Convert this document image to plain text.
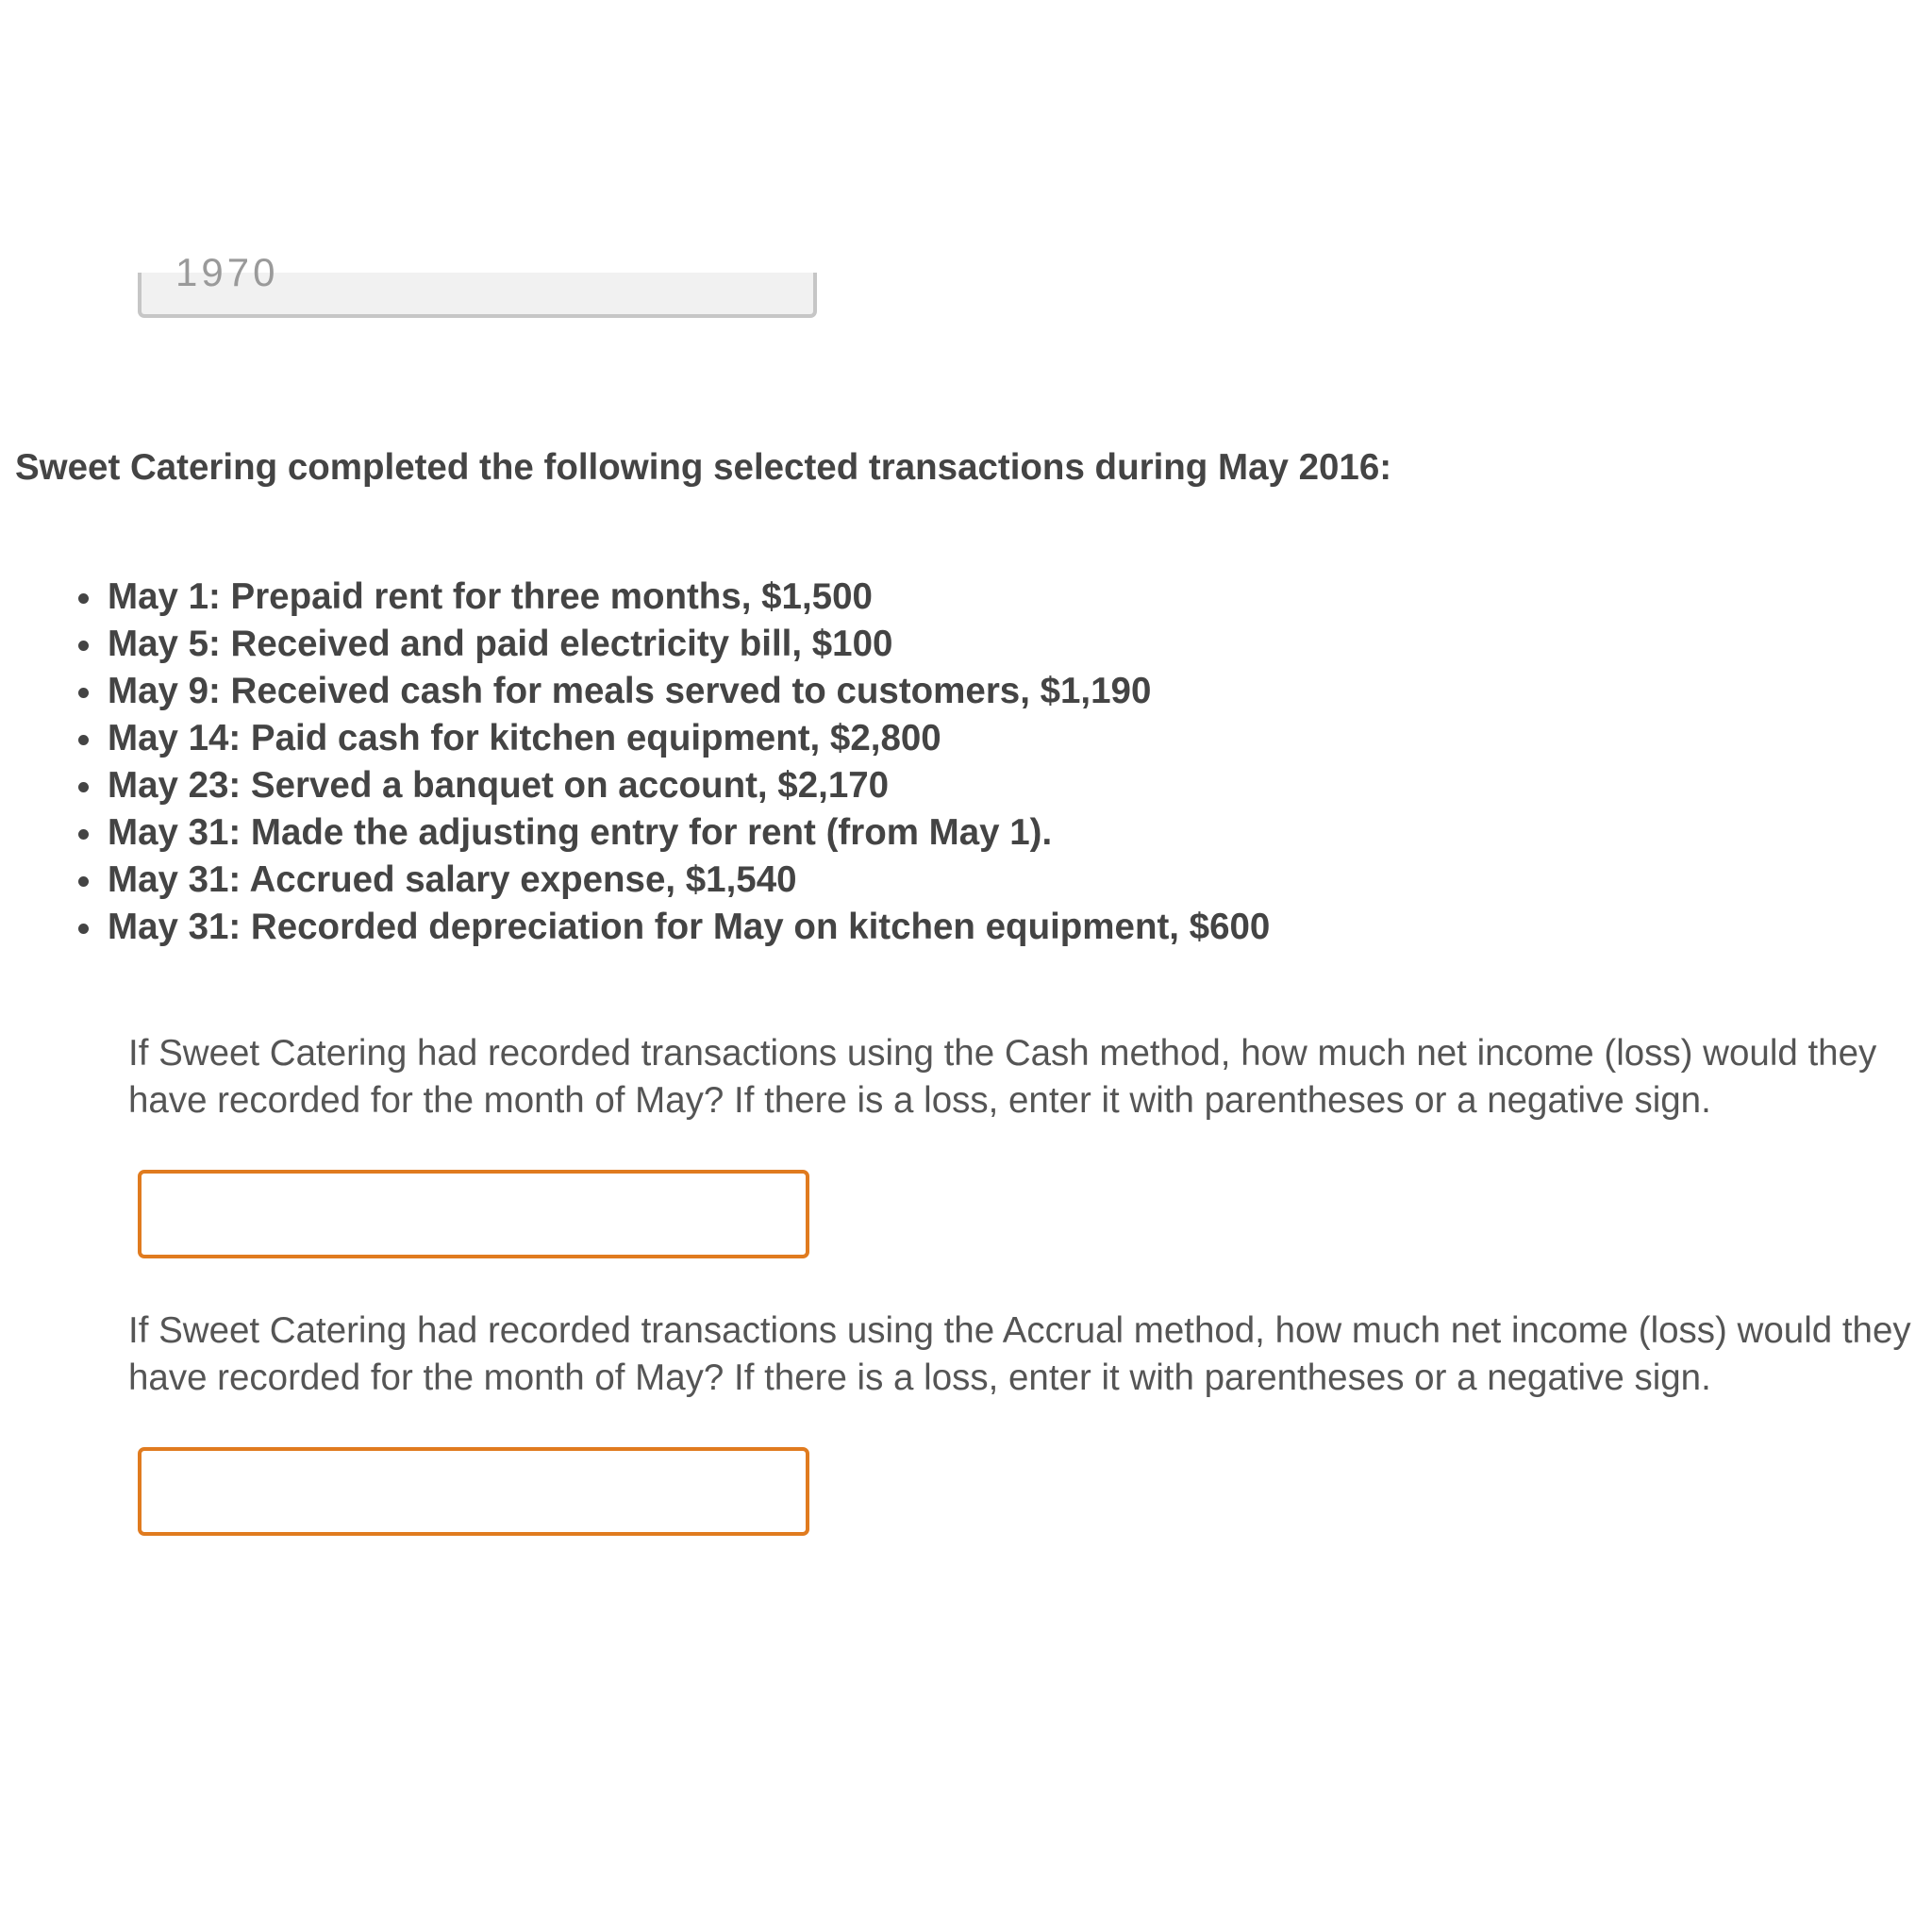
1970

Sweet Catering completed the following selected transactions during May 2016:

• May 1: Prepaid rent for three months, $1,500
• May 5: Received and paid electricity bill, $100
• May 9: Received cash for meals served to customers, $1,190
• May 14: Paid cash for kitchen equipment, $2,800
• May 23: Served a banquet on account, $2,170
• May 31: Made the adjusting entry for rent (from May 1).
• May 31: Accrued salary expense, $1,540
• May 31: Recorded depreciation for May on kitchen equipment, $600

If Sweet Catering had recorded transactions using the Cash method, how much net income (loss) would they have recorded for the month of May? If there is a loss, enter it with parentheses or a negative sign.

If Sweet Catering had recorded transactions using the Accrual method, how much net income (loss) would they have recorded for the month of May? If there is a loss, enter it with parentheses or a negative sign.
